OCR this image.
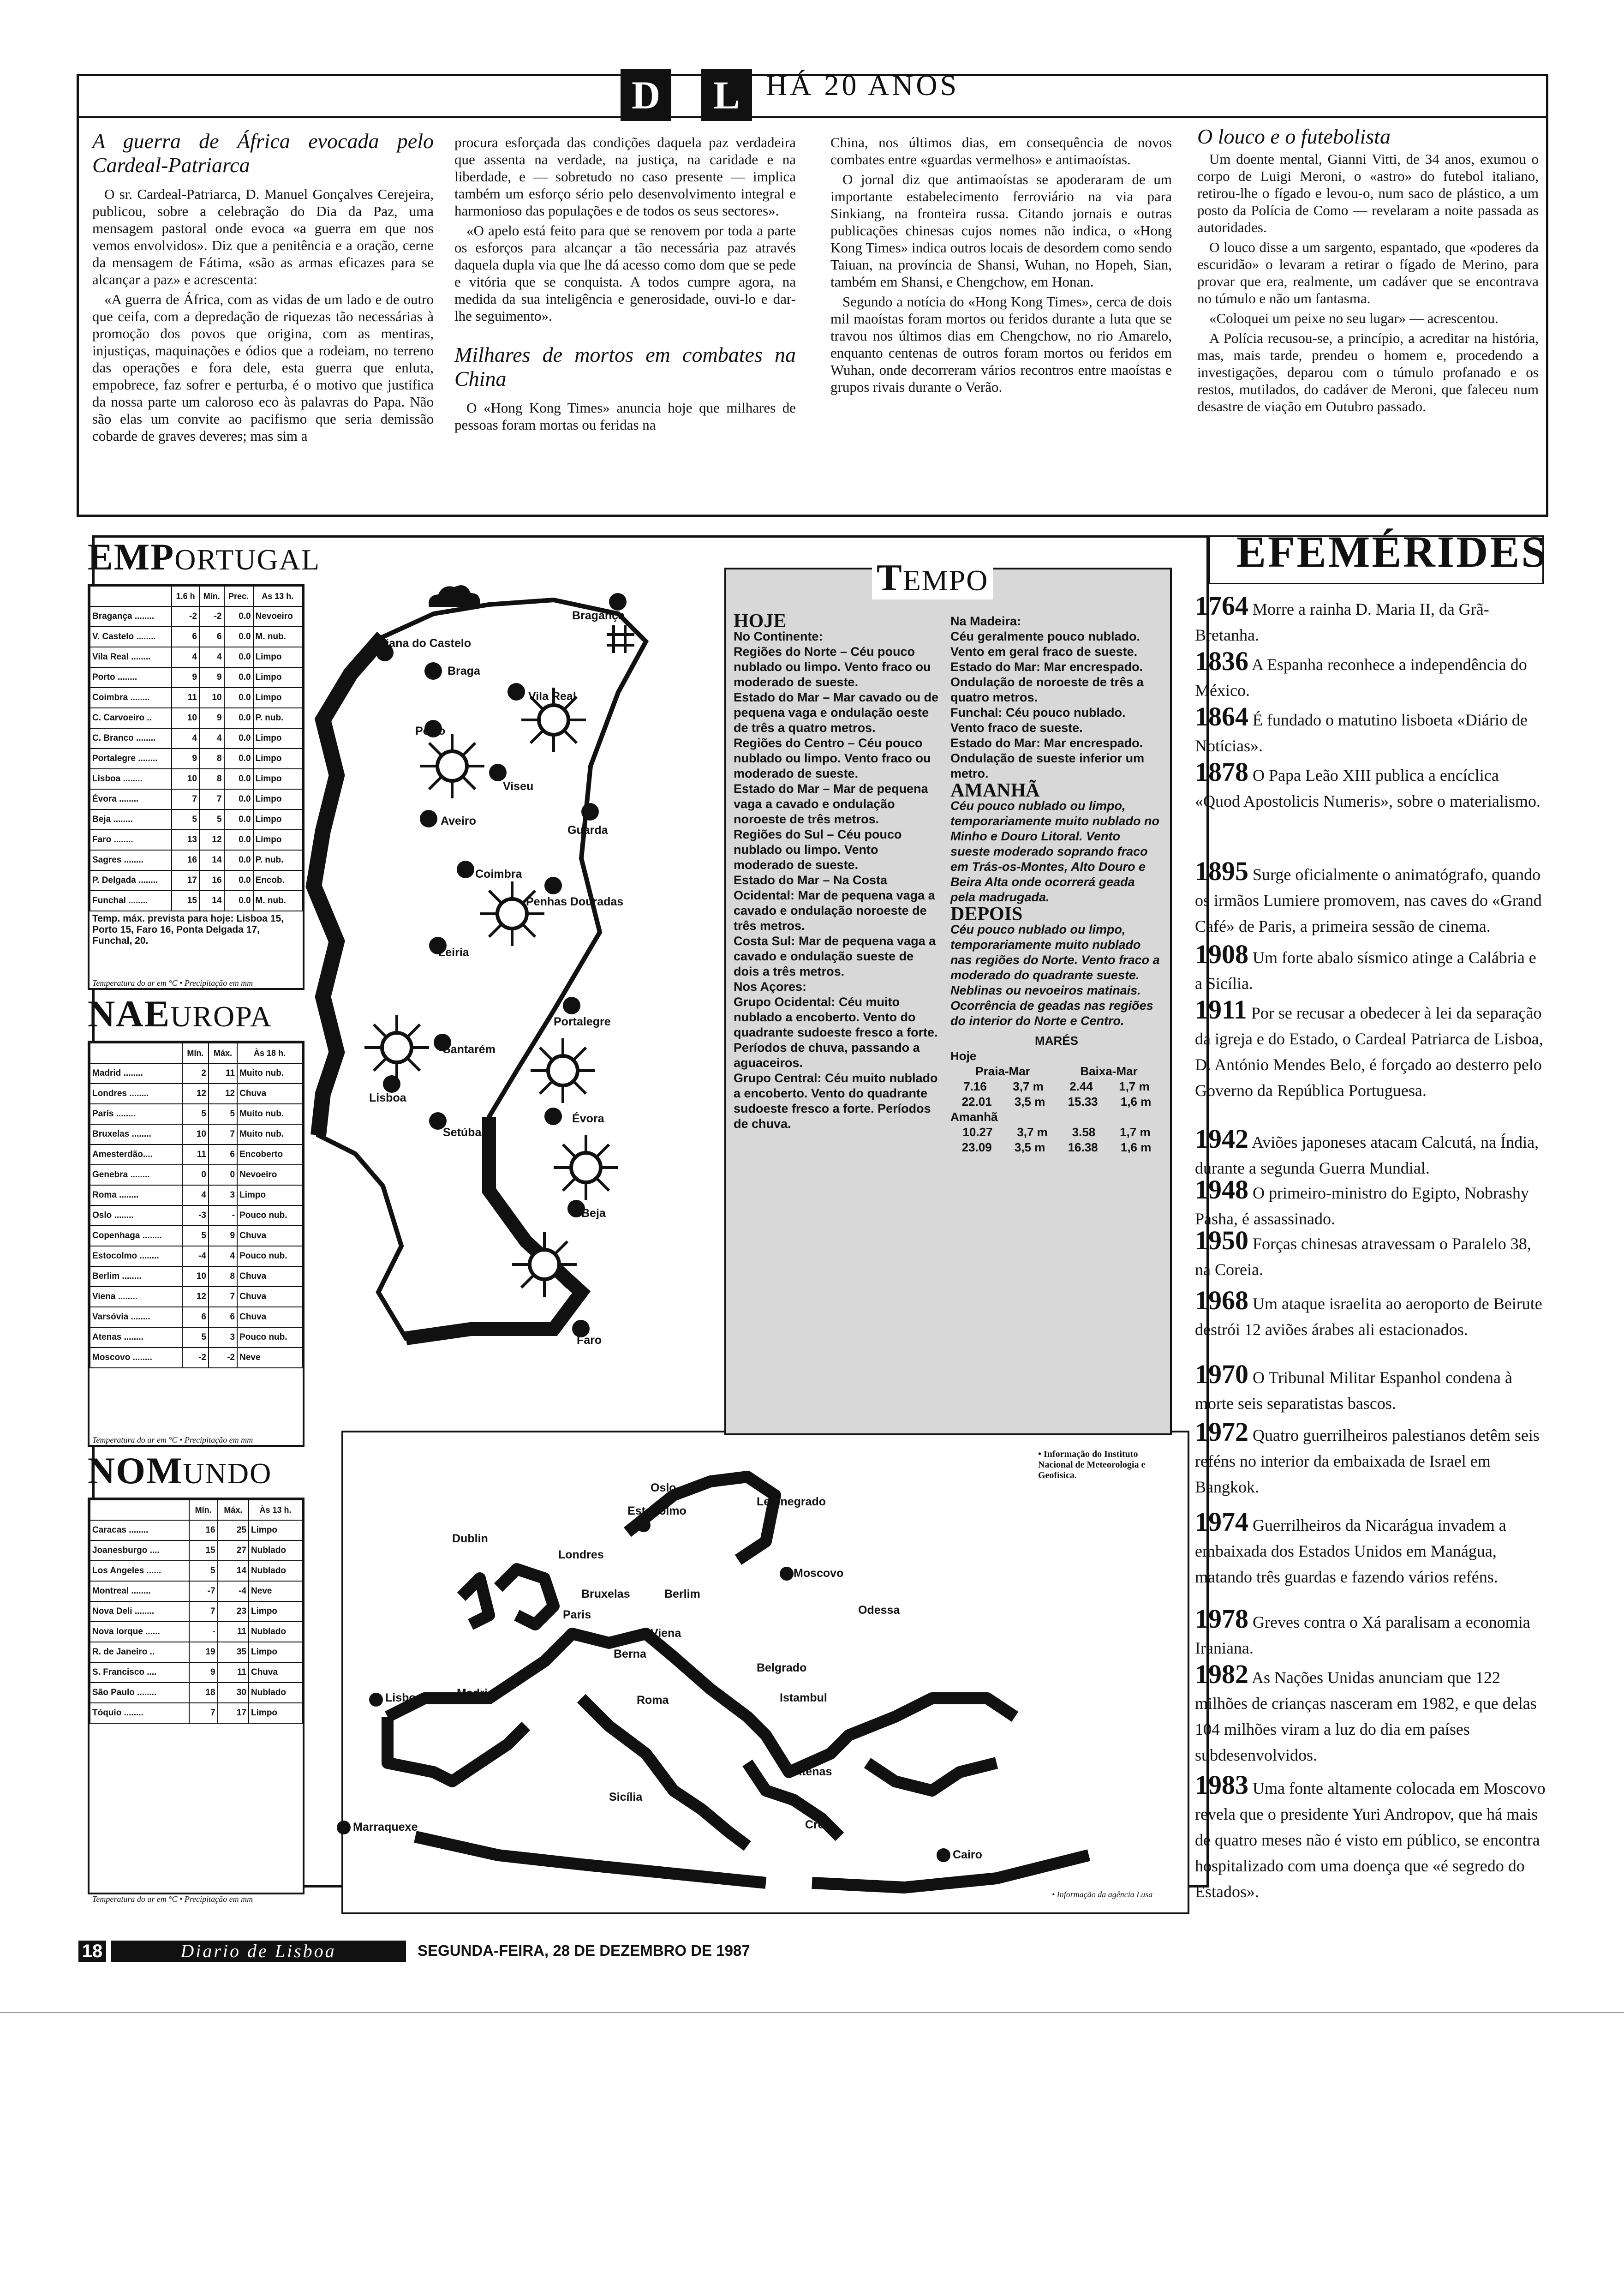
D	L HÁ 20 ANOS
A guerra de África evocada pelo Cardeal-Patriarca

O sr. Cardeal-Patriarca, D. Manuel Gonçalves Cerejeira, publicou, sobre a celebração do Dia da Paz, uma mensagem pastoral onde evoca «a guerra em que nos vemos envolvidos». Diz que a penitência e a oração, cerne da mensagem de Fátima, «são as armas eficazes para se alcançar a paz» e acrescenta:

«A guerra de África, com as vidas de um lado e de outro que ceifa, com a depredação de riquezas tão necessárias à promoção dos povos que origina, com as mentiras, injustiças, maquinações e ódios que a rodeiam, no terreno das operações e fora dele, esta guerra que enluta, empobrece, faz sofrer e perturba, é o motivo que justifica da nossa parte um caloroso eco às palavras do Papa. Não são elas um convite ao pacifismo que seria demissão cobarde de graves deveres; mas sim a

procura esforçada das condições daquela paz verdadeira que assenta na verdade, na justiça, na caridade e na liberdade, e — sobretudo no caso presente — implica também um esforço sério pelo desenvolvimento integral e harmonioso das populações e de todos os seus sectores».

«O apelo está feito para que se renovem por toda a parte os esforços para alcançar a tão necessária paz através daquela dupla via que lhe dá acesso como dom que se pede e vitória que se conquista. A todos cumpre agora, na medida da sua inteligência e generosidade, ouvi-lo e dar-lhe seguimento».

Milhares de mortos em combates na China

O «Hong Kong Times» anuncia hoje que milhares de pessoas foram mortas ou feridas na

China, nos últimos dias, em consequência de novos combates entre «guardas vermelhos» e antimaoístas.

O jornal diz que antimaoístas se apoderaram de um importante estabelecimento ferroviário na via para Sinkiang, na fronteira russa. Citando jornais e outras publicações chinesas cujos nomes não indica, o «Hong Kong Times» indica outros locais de desordem como sendo Taiuan, na província de Shansi, Wuhan, no Hopeh, Sian, também em Shansi, e Chengchow, em Honan.

Segundo a notícia do «Hong Kong Times», cerca de dois mil maoístas foram mortos ou feridos durante a luta que se travou nos últimos dias em Chengchow, no rio Amarelo, enquanto centenas de outros foram mortos ou feridos em Wuhan, onde decorreram vários recontros entre maoístas e grupos rivais durante o Verão.

O louco e o futebolista

Um doente mental, Gianni Vitti, de 34 anos, exumou o corpo de Luigi Meroni, o «astro» do futebol italiano, retirou-lhe o fígado e levou-o, num saco de plástico, a um posto da Polícia de Como — revelaram a noite passada as autoridades.

O louco disse a um sargento, espantado, que «poderes da escuridão» o levaram a retirar o fígado de Merino, para provar que era, realmente, um cadáver que se encontrava no túmulo e não um fantasma.

«Coloquei um peixe no seu lugar» — acrescentou.

A Polícia recusou-se, a princípio, a acreditar na história, mas, mais tarde, prendeu o homem e, procedendo a investigações, deparou com o túmulo profanado e os restos, mutilados, do cadáver de Meroni, que faleceu num desastre de viação em Outubro passado.

Viana do Castelo
Braga
Bragança
Vila Real
Porto
Viseu
Guarda
Aveiro
Coimbra
Penhas Douradas
Leiria
Santarém
Portalegre
Lisboa
Setúbal
Évora
Beja
Faro
Oslo
Leninegrado
Estocolmo
Dublin
Londres
Moscovo
Bruxelas	Berlim
Paris	Odessa
Viena
Berna
Belgrado
Lisboa	Madrid
Roma	Istambul
Sicília
Atenas
Marraquexe	Creta
Cairo
• Informação da agência Lusa
EMPORTUGAL
	1.6 h	Mín.	Prec.	As 13 h.
Bragança ........	-2	-2	0.0	Nevoeiro
V. Castelo ........	6	6	0.0	M. nub.
Vila Real ........	4	4	0.0	Limpo
Porto ........	9	9	0.0	Limpo
Coimbra ........	11	10	0.0	Limpo
C. Carvoeiro ..	10	9	0.0	P. nub.
C. Branco ........	4	4	0.0	Limpo
Portalegre ........	9	8	0.0	Limpo
Lisboa ........	10	8	0.0	Limpo
Évora ........	7	7	0.0	Limpo
Beja ........	5	5	0.0	Limpo
Faro ........	13	12	0.0	Limpo
Sagres ........	16	14	0.0	P. nub.
P. Delgada ........	17	16	0.0	Encob.
Funchal ........	15	14	0.0	M. nub.
Temp. máx. prevista para hoje: Lisboa 15, Porto 15, Faro 16, Ponta Delgada 17, Funchal, 20.
Temperatura do ar em °C • Precipitação em mm
NAEUROPA
	Mín.	Máx.	Às 18 h.
Madrid ........	2	11	Muito nub.
Londres ........	12	12	Chuva
Paris ........	5	5	Muito nub.
Bruxelas ........	10	7	Muito nub.
Amesterdão....	11	6	Encoberto
Genebra ........	0	0	Nevoeiro
Roma ........	4	3	Limpo
Oslo ........	-3	-	Pouco nub.
Copenhaga ........	5	9	Chuva
Estocolmo ........	-4	4	Pouco nub.
Berlim ........	10	8	Chuva
Viena ........	12	7	Chuva
Varsóvia ........	6	6	Chuva
Atenas ........	5	3	Pouco nub.
Moscovo ........	-2	-2	Neve
Temperatura do ar em °C • Precipitação em mm
NOMUNDO
	Mín.	Máx.	Às 13 h.
Caracas ........	16	25	Limpo
Joanesburgo ....	15	27	Nublado
Los Angeles ......	5	14	Nublado
Montreal ........	-7	-4	Neve
Nova Deli ........	7	23	Limpo
Nova Iorque ......	-	11	Nublado
R. de Janeiro ..	19	35	Limpo
S. Francisco ....	9	11	Chuva
São Paulo ........	18	30	Nublado
Tóquio ........	7	17	Limpo
Temperatura do ar em °C • Precipitação em mm
TEMPO
HOJE
No Continente:
Regiões do Norte – Céu pouco nublado ou limpo. Vento fraco ou moderado de sueste.
Estado do Mar – Mar cavado ou de pequena vaga e ondulação oeste de três a quatro metros.
Regiões do Centro – Céu pouco nublado ou limpo. Vento fraco ou moderado de sueste.
Estado do Mar – Mar de pequena vaga a cavado e ondulação noroeste de três metros.
Regiões do Sul – Céu pouco nublado ou limpo. Vento moderado de sueste.
Estado do Mar – Na Costa Ocidental: Mar de pequena vaga a cavado e ondulação noroeste de três metros.
Costa Sul: Mar de pequena vaga a cavado e ondulação sueste de dois a três metros.
Nos Açores:
Grupo Ocidental: Céu muito nublado a encoberto. Vento do quadrante sudoeste fresco a forte. Períodos de chuva, passando a aguaceiros.
Grupo Central: Céu muito nublado a encoberto. Vento do quadrante sudoeste fresco a forte. Períodos de chuva.
Na Madeira:
Céu geralmente pouco nublado. Vento em geral fraco de sueste.
Estado do Mar: Mar encrespado. Ondulação de noroeste de três a quatro metros.
Funchal: Céu pouco nublado. Vento fraco de sueste.
Estado do Mar: Mar encrespado. Ondulação de sueste inferior um metro.
AMANHÃ
Céu pouco nublado ou limpo, temporariamente muito nublado no Minho e Douro Litoral. Vento sueste moderado soprando fraco em Trás-os-Montes, Alto Douro e Beira Alta onde ocorrerá geada pela madrugada.
DEPOIS
Céu pouco nublado ou limpo, temporariamente muito nublado nas regiões do Norte. Vento fraco a moderado do quadrante sueste. Neblinas ou nevoeiros matinais. Ocorrência de geadas nas regiões do interior do Norte e Centro.
MARÉS
Hoje
Praia-Mar	Baixa-Mar
7.16 3,7 m 2.44 1,7 m
22.01 3,5 m 15.33 1,6 m
Amanhã
10.27 3,7 m 3.58 1,7 m
23.09 3,5 m 16.38 1,6 m
• Informação do Instituto Nacional de Meteorologia e Geofísica.
EFEMÉRIDES
1764 Morre a rainha D. Maria II, da Grã-Bretanha.
1836 A Espanha reconhece a independência do México.
1864 É fundado o matutino lisboeta «Diário de Notícias».
1878 O Papa Leão XIII publica a encíclica «Quod Apostolicis Numeris», sobre o materialismo.
1895 Surge oficialmente o animatógrafo, quando os irmãos Lumiere promovem, nas caves do «Grand Café» de Paris, a primeira sessão de cinema.
1908 Um forte abalo sísmico atinge a Calábria e a Sicília.
1911 Por se recusar a obedecer à lei da separação da igreja e do Estado, o Cardeal Patriarca de Lisboa, D. António Mendes Belo, é forçado ao desterro pelo Governo da República Portuguesa.
1942 Aviões japoneses atacam Calcutá, na Índia, durante a segunda Guerra Mundial.
1948 O primeiro-ministro do Egipto, Nobrashy Pasha, é assassinado.
1950 Forças chinesas atravessam o Paralelo 38, na Coreia.
1968 Um ataque israelita ao aeroporto de Beirute destrói 12 aviões árabes ali estacionados.
1970 O Tribunal Militar Espanhol condena à morte seis separatistas bascos.
1972 Quatro guerrilheiros palestianos detêm seis reféns no interior da embaixada de Israel em Bangkok.
1974 Guerrilheiros da Nicarágua invadem a embaixada dos Estados Unidos em Manágua, matando três guardas e fazendo vários reféns.
1978 Greves contra o Xá paralisam a economia Iraniana.
1982 As Nações Unidas anunciam que 122 milhões de crianças nasceram em 1982, e que delas 104 milhões viram a luz do dia em países subdesenvolvidos.
1983 Uma fonte altamente colocada em Moscovo revela que o presidente Yuri Andropov, que há mais de quatro meses não é visto em público, se encontra hospitalizado com uma doença que «é segredo do Estados».
18	Diario de Lisboa	SEGUNDA-FEIRA, 28 DE DEZEMBRO DE 1987
